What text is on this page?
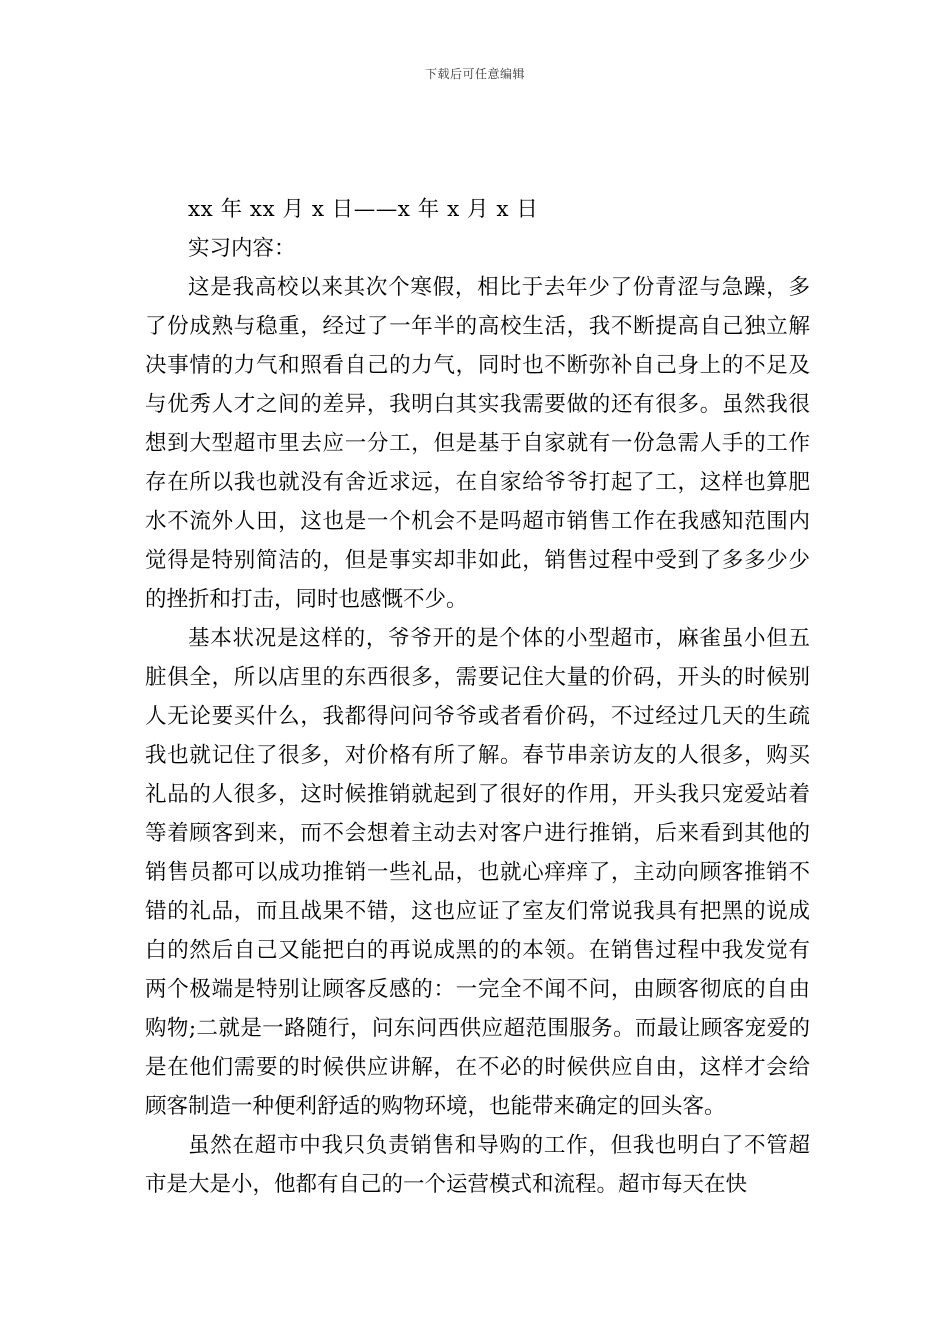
下载后可任意编辑

xx 年 xx 月 x 日——x 年 x 月 x 日

实习内容：

这是我高校以来其次个寒假，相比于去年少了份青涩与急躁，多了份成熟与稳重，经过了一年半的高校生活，我不断提高自己独立解决事情的力气和照看自己的力气，同时也不断弥补自己身上的不足及与优秀人才之间的差异，我明白其实我需要做的还有很多。虽然我很想到大型超市里去应一分工，但是基于自家就有一份急需人手的工作存在所以我也就没有舍近求远，在自家给爷爷打起了工，这样也算肥水不流外人田，这也是一个机会不是吗超市销售工作在我感知范围内觉得是特别简洁的，但是事实却非如此，销售过程中受到了多多少少的挫折和打击，同时也感慨不少。

基本状况是这样的，爷爷开的是个体的小型超市，麻雀虽小但五脏俱全，所以店里的东西很多，需要记住大量的价码，开头的时候别人无论要买什么，我都得问问爷爷或者看价码，不过经过几天的生疏我也就记住了很多，对价格有所了解。春节串亲访友的人很多，购买礼品的人很多，这时候推销就起到了很好的作用，开头我只宠爱站着等着顾客到来，而不会想着主动去对客户进行推销，后来看到其他的销售员都可以成功推销一些礼品，也就心痒痒了，主动向顾客推销不错的礼品，而且战果不错，这也应证了室友们常说我具有把黑的说成白的然后自己又能把白的再说成黑的的本领。在销售过程中我发觉有两个极端是特别让顾客反感的：一完全不闻不问，由顾客彻底的自由购物;二就是一路随行，问东问西供应超范围服务。而最让顾客宠爱的是在他们需要的时候供应讲解，在不必的时候供应自由，这样才会给顾客制造一种便利舒适的购物环境，也能带来确定的回头客。

虽然在超市中我只负责销售和导购的工作，但我也明白了不管超市是大是小，他都有自己的一个运营模式和流程。超市每天在快
